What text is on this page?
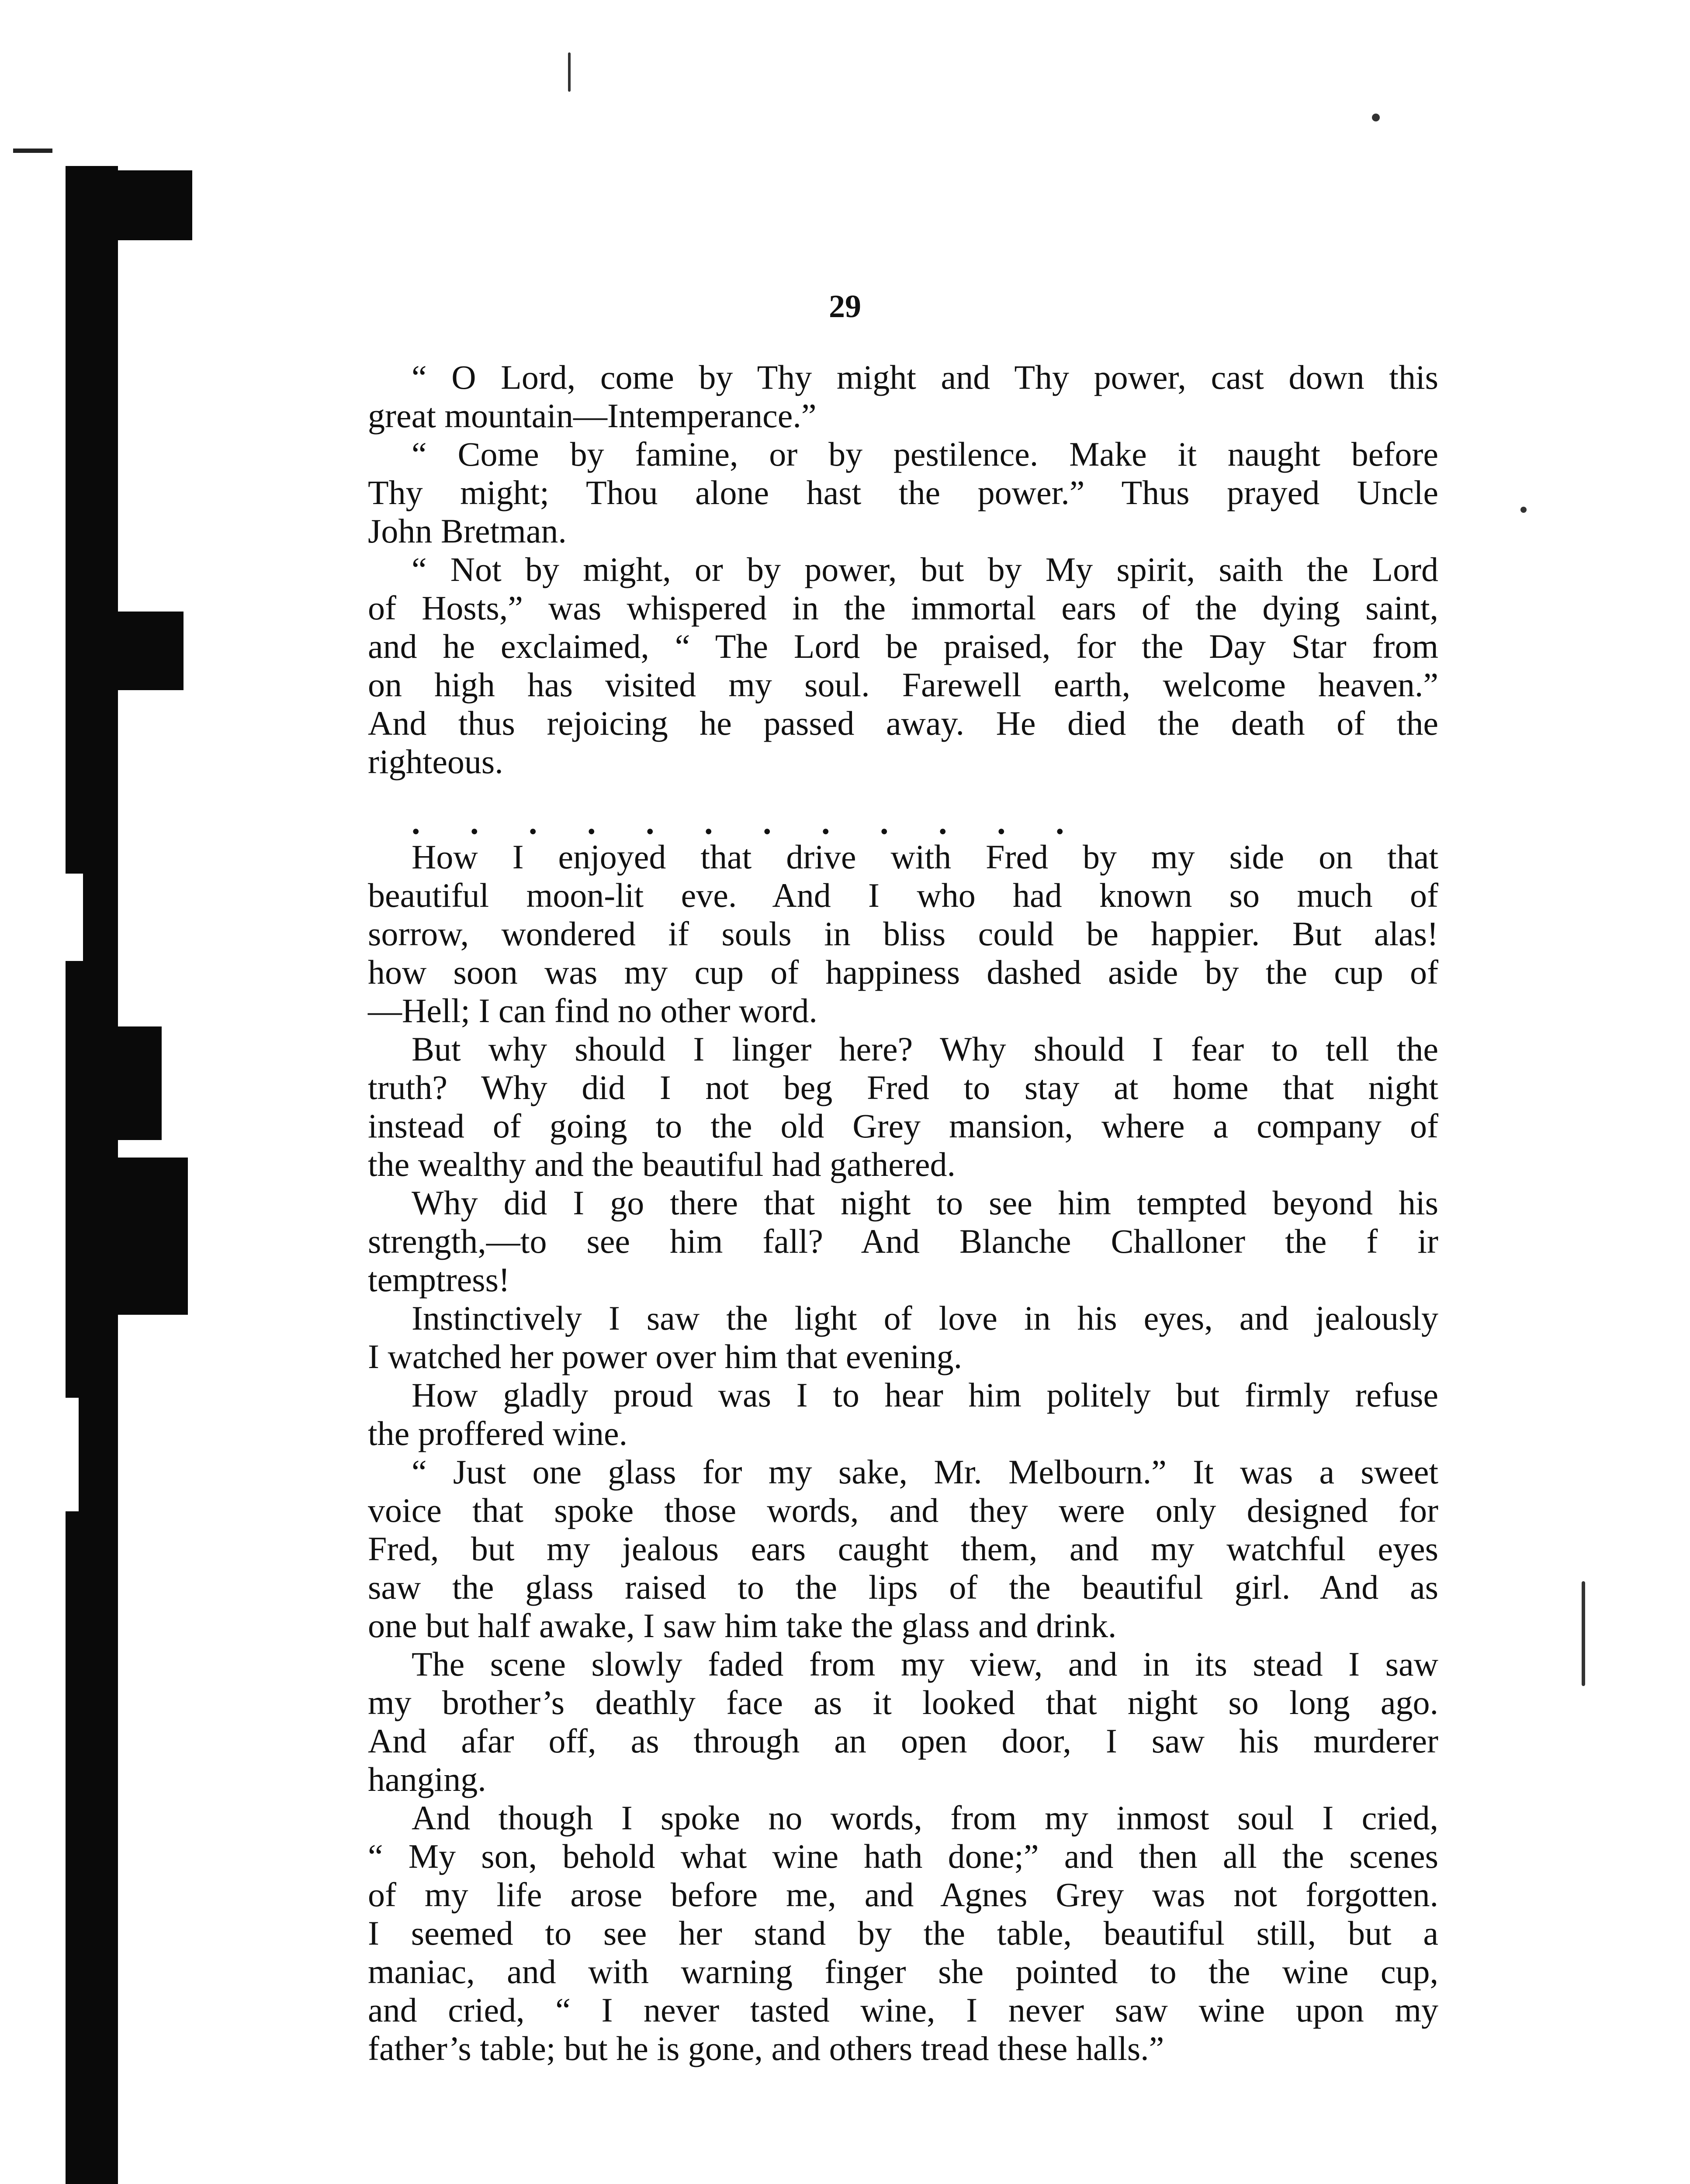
29
“ O Lord, come by Thy might and Thy power, cast down this
great mountain—Intemperance.”
“ Come by famine, or by pestilence. Make it naught before
Thy might; Thou alone hast the power.” Thus prayed Uncle
John Bretman.
“ Not by might, or by power, but by My spirit, saith the Lord
of Hosts,” was whispered in the immortal ears of the dying saint,
and he exclaimed, “ The Lord be praised, for the Day Star from
on high has visited my soul. Farewell earth, welcome heaven.”
And thus rejoicing he passed away. He died the death of the
righteous.
. . . . . . . . . . . .
How I enjoyed that drive with Fred by my side on that
beautiful moon-lit eve. And I who had known so much of
sorrow, wondered if souls in bliss could be happier. But alas!
how soon was my cup of happiness dashed aside by the cup of
—Hell; I can find no other word.
But why should I linger here? Why should I fear to tell the
truth? Why did I not beg Fred to stay at home that night
instead of going to the old Grey mansion, where a company of
the wealthy and the beautiful had gathered.
Why did I go there that night to see him tempted beyond his
strength,—to see him fall? And Blanche Challoner the f ir
temptress!
Instinctively I saw the light of love in his eyes, and jealously
I watched her power over him that evening.
How gladly proud was I to hear him politely but firmly refuse
the proffered wine.
“ Just one glass for my sake, Mr. Melbourn.” It was a sweet
voice that spoke those words, and they were only designed for
Fred, but my jealous ears caught them, and my watchful eyes
saw the glass raised to the lips of the beautiful girl. And as
one but half awake, I saw him take the glass and drink.
The scene slowly faded from my view, and in its stead I saw
my brother’s deathly face as it looked that night so long ago.
And afar off, as through an open door, I saw his murderer
hanging.
And though I spoke no words, from my inmost soul I cried,
“ My son, behold what wine hath done;” and then all the scenes
of my life arose before me, and Agnes Grey was not forgotten.
I seemed to see her stand by the table, beautiful still, but a
maniac, and with warning finger she pointed to the wine cup,
and cried, “ I never tasted wine, I never saw wine upon my
father’s table; but he is gone, and others tread these halls.”
